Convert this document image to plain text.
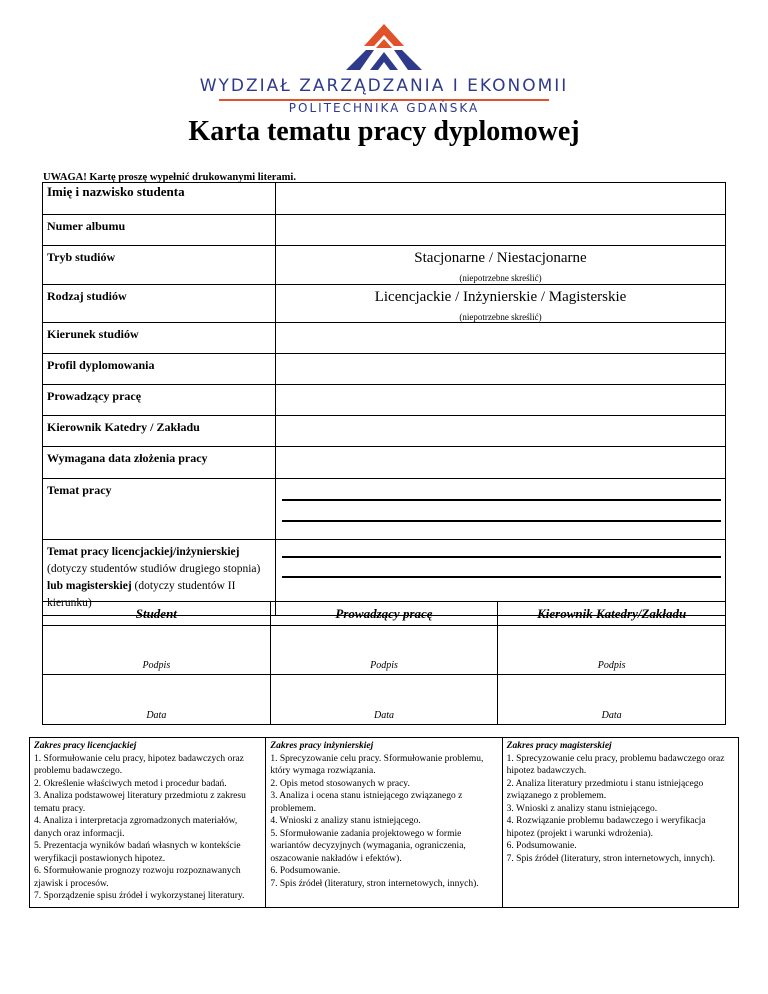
WYDZIAŁ ZARZĄDZANIA I EKONOMII
POLITECHNIKA GDAŃSKA
Karta tematu pracy dyplomowej
UWAGA! Kartę proszę wypełnić drukowanymi literami.
Imię i nazwisko studenta	
Numer albumu	
Tryb studiów	Stacjonarne / Niestacjonarne
(niepotrzebne skreślić)

Rodzaj studiów	Licencjackie / Inżynierskie / Magisterskie
(niepotrzebne skreślić)

Kierunek studiów	
Profil dyplomowania	
Prowadzący pracę	
Kierownik Katedry / Zakładu	
Wymagana data złożenia pracy	
Temat pracy	

Temat pracy licencjackiej/inżynierskiej (dotyczy studentów studiów drugiego stopnia) lub magisterskiej (dotyczy studentów II kierunku)	

Student	Prowadzący pracę	Kierownik Katedry/Zakładu
Podpis	Podpis	Podpis
Data	Data	Data
Zakres pracy licencjackiej
1. Sformułowanie celu pracy, hipotez badawczych oraz problemu badawczego.
2. Określenie właściwych metod i procedur badań.
3. Analiza podstawowej literatury przedmiotu z zakresu tematu pracy.
4. Analiza i interpretacja zgromadzonych materiałów, danych oraz informacji.
5. Prezentacja wyników badań własnych w kontekście weryfikacji postawionych hipotez.
6. Sformułowanie prognozy rozwoju rozpoznawanych zjawisk i procesów.
7. Sporządzenie spisu źródeł i wykorzystanej literatury.

Zakres pracy inżynierskiej
1. Sprecyzowanie celu pracy. Sformułowanie problemu, który wymaga rozwiązania.
2. Opis metod stosowanych w pracy.
3. Analiza i ocena stanu istniejącego związanego z problemem.
4. Wnioski z analizy stanu istniejącego.
5. Sformułowanie zadania projektowego w formie wariantów decyzyjnych (wymagania, ograniczenia, oszacowanie nakładów i efektów).
6. Podsumowanie.
7. Spis źródeł (literatury, stron internetowych, innych).

Zakres pracy magisterskiej
1. Sprecyzowanie celu pracy, problemu badawczego oraz hipotez badawczych.
2. Analiza literatury przedmiotu i stanu istniejącego związanego z problemem.
3. Wnioski z analizy stanu istniejącego.
4. Rozwiązanie problemu badawczego i weryfikacja hipotez (projekt i warunki wdrożenia).
6. Podsumowanie.
7. Spis źródeł (literatury, stron internetowych, innych).
